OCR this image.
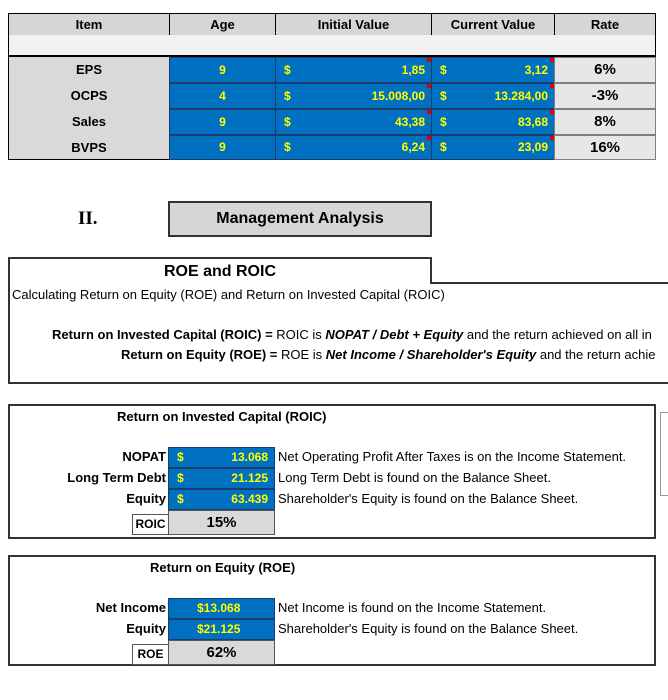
Item	Age	Initial Value	Current Value	Rate
EPS	9	$	1,85	$	3,12	6%
OCPS	4	$	15.008,00	$	13.284,00	-3%
Sales	9	$	43,38	$	83,68	8%
BVPS	9	$	6,24	$	23,09	16%
II.	Management Analysis
ROE and ROIC
Calculating Return on Equity (ROE) and Return on Invested Capital (ROIC)
Return on Invested Capital (ROIC) = ROIC is NOPAT / Debt + Equity and the return achieved on all in
Return on Equity (ROE) = ROE is Net Income / Shareholder's Equity and the return achie
Return on Invested Capital (ROIC)
NOPAT $	13.068 Net Operating Profit After Taxes is on the Income Statement.
Long Term Debt $	21.125 Long Term Debt is found on the Balance Sheet.
Equity $	63.439 Shareholder's Equity is found on the Balance Sheet.
ROIC	15%
Return on Equity (ROE)
Net Income	$13.068	Net Income is found on the Income Statement.
Equity	$21.125	Shareholder's Equity is found on the Balance Sheet.
ROE	62%
